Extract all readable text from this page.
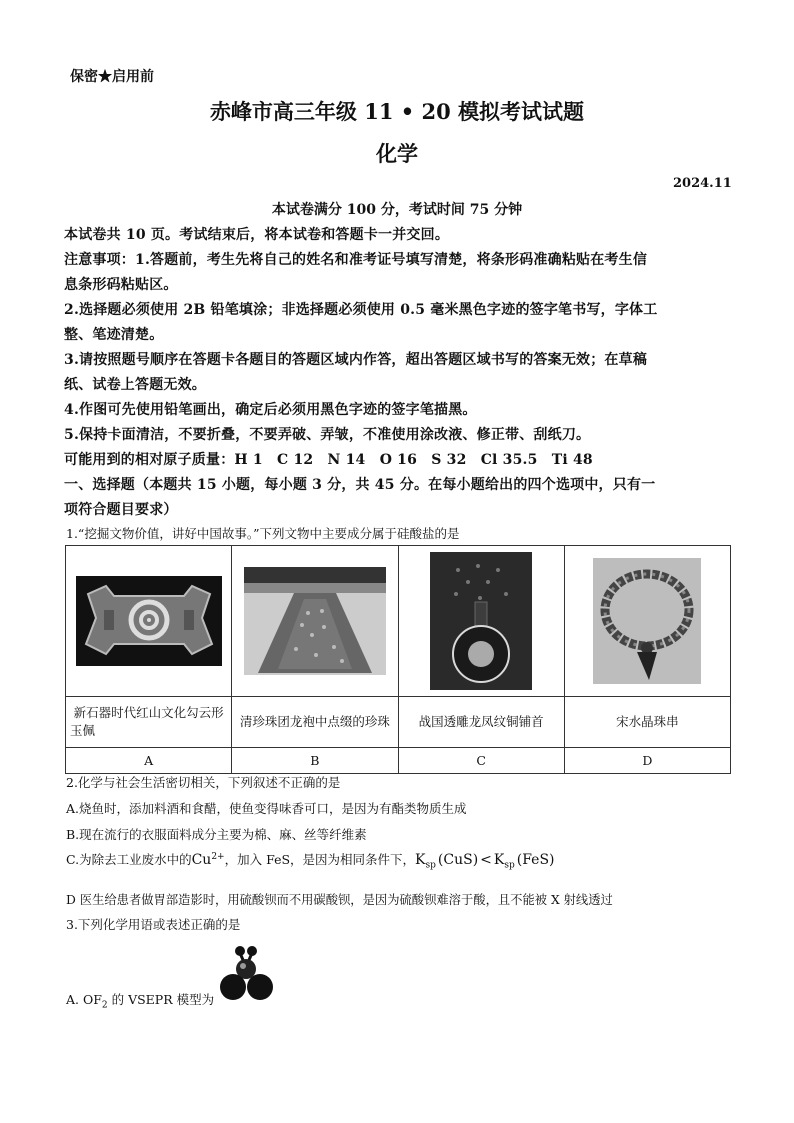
保密★启用前
赤峰市高三年级 11 • 20 模拟考试试题
化学
2024.11
本试卷满分 100 分，考试时间 75 分钟
本试卷共 10 页。考试结束后，将本试卷和答题卡一并交回。
注意事项：1.答题前，考生先将自己的姓名和准考证号填写清楚，将条形码准确粘贴在考生信
息条形码粘贴区。
2.选择题必须使用 2B 铅笔填涂；非选择题必须使用 0.5 毫米黑色字迹的签字笔书写，字体工
整、笔迹清楚。
3.请按照题号顺序在答题卡各题目的答题区域内作答，超出答题区域书写的答案无效；在草稿
纸、试卷上答题无效。
4.作图可先使用铅笔画出，确定后必须用黑色字迹的签字笔描黑。
5.保持卡面清洁，不要折叠，不要弄破、弄皱，不准使用涂改液、修正带、刮纸刀。
可能用到的相对原子质量：H 1　C 12　N 14　O 16　S 32　Cl 35.5　Ti 48
一、选择题（本题共 15 小题，每小题 3 分，共 45 分。在每小题给出的四个选项中，只有一
项符合题目要求）
1.“挖掘文物价值，讲好中国故事。”下列文物中主要成分属于硅酸盐的是

新石器时代红山文化勾云形
玉佩	清珍珠团龙袍中点缀的珍珠	战国透雕龙凤纹铜铺首	宋水晶珠串
A	B	C	D
2.化学与社会生活密切相关，下列叙述不正确的是
A.烧鱼时，添加料酒和食醋，使鱼变得味香可口，是因为有酯类物质生成
B.现在流行的衣服面料成分主要为棉、麻、丝等纤维素
C.为除去工业废水中的$Cu^{2+}$，加入 FeS，是因为相同条件下，$K_{sp}$ $(CuS) < K_{sp}$ (FeS)
D 医生给患者做胃部造影时，用硫酸钡而不用碳酸钡，是因为硫酸钡难溶于酸，且不能被 X 射线透过
3.下列化学用语或表述正确的是
A. $OF_2$ 的 VSEPR 模型为
